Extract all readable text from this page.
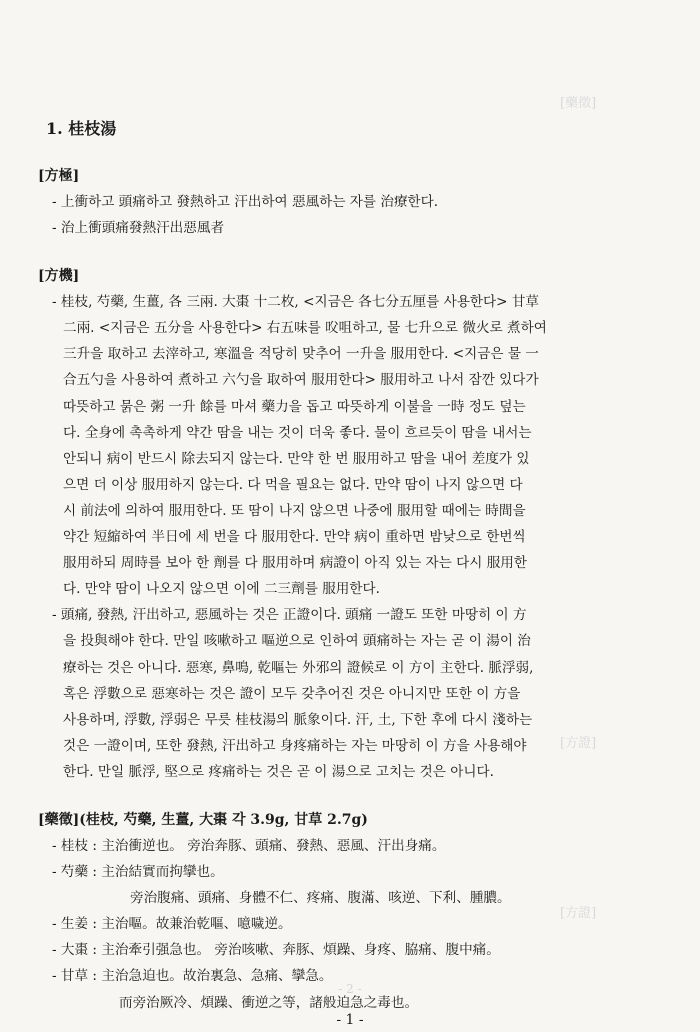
[藥徵]
[方證]
[方證]
1. 桂枝湯
[方極]
- 上衝하고 頭痛하고 發熱하고 汗出하여 惡風하는 자를 治療한다.
- 治上衝頭痛發熱汗出惡風者
[方機]
- 桂枝, 芍藥, 生薑, 各 三兩. 大棗 十二枚, <지금은 各七分五厘를 사용한다> 甘草
二兩. <지금은 五分을 사용한다> 右五味를 㕮咀하고, 물 七升으로 微火로 煮하여
三升을 取하고 去滓하고, 寒溫을 적당히 맞추어 一升을 服用한다. <지금은 물 一
合五勺을 사용하여 煮하고 六勺을 取하여 服用한다> 服用하고 나서 잠깐 있다가
따뜻하고 묽은 粥 一升 餘를 마셔 藥力을 돕고 따뜻하게 이불을 一時 정도 덮는
다. 全身에 촉촉하게 약간 땀을 내는 것이 더욱 좋다. 물이 흐르듯이 땀을 내서는
안되니 病이 반드시 除去되지 않는다. 만약 한 번 服用하고 땀을 내어 差度가 있
으면 더 이상 服用하지 않는다. 다 먹을 필요는 없다. 만약 땀이 나지 않으면 다
시 前法에 의하여 服用한다. 또 땀이 나지 않으면 나중에 服用할 때에는 時間을
약간 短縮하여 半日에 세 번을 다 服用한다. 만약 病이 重하면 밤낮으로 한번씩
服用하되 周時를 보아 한 劑를 다 服用하며 病證이 아직 있는 자는 다시 服用한
다. 만약 땀이 나오지 않으면 이에 二三劑를 服用한다.
- 頭痛, 發熱, 汗出하고, 惡風하는 것은 正證이다. 頭痛 一證도 또한 마땅히 이 方
을 投與해야 한다. 만일 咳嗽하고 嘔逆으로 인하여 頭痛하는 자는 곧 이 湯이 治
療하는 것은 아니다. 惡寒, 鼻鳴, 乾嘔는 外邪의 證候로 이 方이 主한다. 脈浮弱,
혹은 浮數으로 惡寒하는 것은 證이 모두 갖추어진 것은 아니지만 또한 이 方을
사용하며, 浮數, 浮弱은 무릇 桂枝湯의 脈象이다. 汗, 土, 下한 후에 다시 淺하는
것은 一證이며, 또한 發熱, 汗出하고 身疼痛하는 자는 마땅히 이 方을 사용해야
한다. 만일 脈浮, 堅으로 疼痛하는 것은 곧 이 湯으로 고치는 것은 아니다.
[藥徵](桂枝, 芍藥, 生薑, 大棗 각 3.9g, 甘草 2.7g)
- 桂枝 : 主治衝逆也。 旁治奔豚、頭痛、發熱、惡風、汗出身痛。
- 芍藥 : 主治結實而拘攣也。
旁治腹痛、頭痛、身體不仁、疼痛、腹滿、咳逆、下利、腫膿。
- 生姜 : 主治嘔。故兼治乾嘔、噫噦逆。
- 大棗 : 主治牽引强急也。 旁治咳嗽、奔豚、煩躁、身疼、脇痛、腹中痛。
- 甘草 : 主治急迫也。故治裏急、急痛、攣急。
而旁治厥冷、煩躁、衝逆之等，諸般迫急之毒也。
- 2 -
- 1 -
